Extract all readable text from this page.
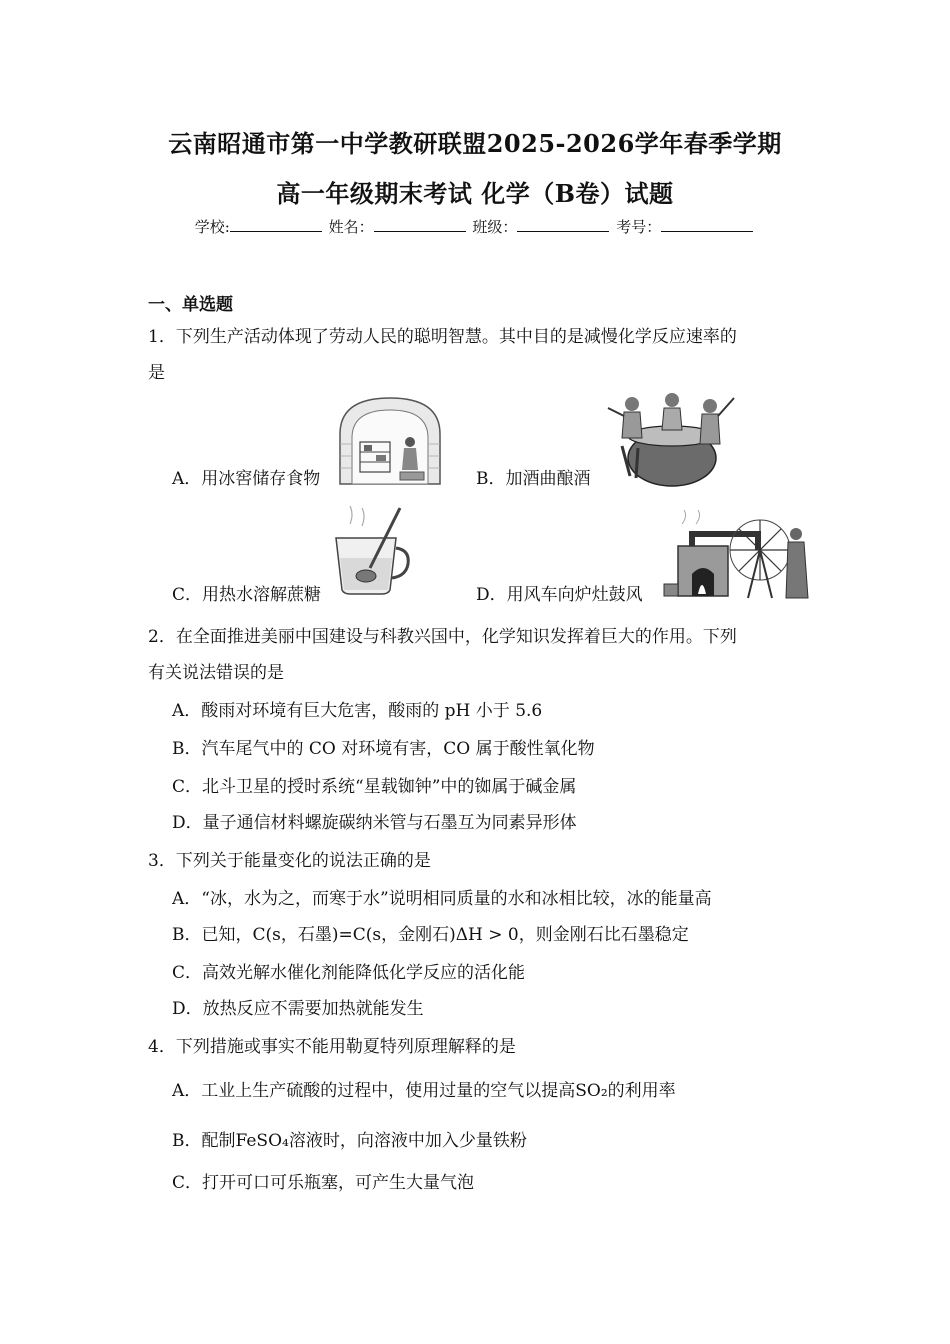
云南昭通市第一中学教研联盟2025-2026学年春季学期
高一年级期末考试 化学（B卷）试题
学校:	姓名：	班级：	考号：
一、单选题
1．下列生产活动体现了劳动人民的聪明智慧。其中目的是减慢化学反应速率的
是
A．用冰窖储存食物	B．加酒曲酿酒
C．用热水溶解蔗糖	D．用风车向炉灶鼓风
2．在全面推进美丽中国建设与科教兴国中，化学知识发挥着巨大的作用。下列
有关说法错误的是
A．酸雨对环境有巨大危害，酸雨的 pH 小于 5.6
B．汽车尾气中的 CO 对环境有害，CO 属于酸性氧化物
C．北斗卫星的授时系统“星载铷钟”中的铷属于碱金属
D．量子通信材料螺旋碳纳米管与石墨互为同素异形体
3．下列关于能量变化的说法正确的是
A．“冰，水为之，而寒于水”说明相同质量的水和冰相比较，冰的能量高
B．已知，C(s，石墨)=C(s，金刚石)ΔH > 0，则金刚石比石墨稳定
C．高效光解水催化剂能降低化学反应的活化能
D．放热反应不需要加热就能发生
4．下列措施或事实不能用勒夏特列原理解释的是
A．工业上生产硫酸的过程中，使用过量的空气以提高SO₂的利用率
B．配制FeSO₄溶液时，向溶液中加入少量铁粉
C．打开可口可乐瓶塞，可产生大量气泡
